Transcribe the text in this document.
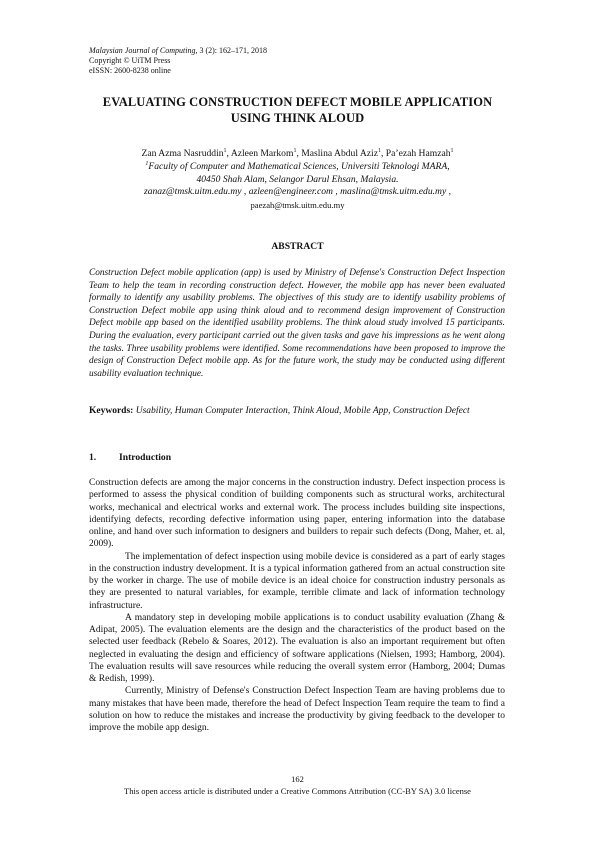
Malaysian Journal of Computing, 3 (2): 162–171, 2018
Copyright © UiTM Press
eISSN: 2600-8238 online
EVALUATING CONSTRUCTION DEFECT MOBILE APPLICATION USING THINK ALOUD
Zan Azma Nasruddin$^1$, Azleen Markom$^1$, Maslina Abdul Aziz$^1$, Pa’ezah Hamzah$^1$
$^1$Faculty of Computer and Mathematical Sciences, Universiti Teknologi MARA,
40450 Shah Alam, Selangor Darul Ehsan, Malaysia.
zanaz@tmsk.uitm.edu.my , azleen@engineer.com , maslina@tmsk.uitm.edu.my ,
paezah@tmsk.uitm.edu.my
ABSTRACT

Construction Defect mobile application (app) is used by Ministry of Defense's Construction Defect Inspection Team to help the team in recording construction defect. However, the mobile app has never been evaluated formally to identify any usability problems. The objectives of this study are to identify usability problems of Construction Defect mobile app using think aloud and to recommend design improvement of Construction Defect mobile app based on the identified usability problems. The think aloud study involved 15 participants. During the evaluation, every participant carried out the given tasks and gave his impressions as he went along the tasks. Three usability problems were identified. Some recommendations have been proposed to improve the design of Construction Defect mobile app. As for the future work, the study may be conducted using different usability evaluation technique.

Keywords: Usability, Human Computer Interaction, Think Aloud, Mobile App, Construction Defect

1. Introduction

Construction defects are among the major concerns in the construction industry. Defect inspection process is performed to assess the physical condition of building components such as structural works, architectural works, mechanical and electrical works and external work. The process includes building site inspections, identifying defects, recording defective information using paper, entering information into the database online, and hand over such information to designers and builders to repair such defects (Dong, Maher, et. al, 2009).

The implementation of defect inspection using mobile device is considered as a part of early stages in the construction industry development. It is a typical information gathered from an actual construction site by the worker in charge. The use of mobile device is an ideal choice for construction industry personals as they are presented to natural variables, for example, terrible climate and lack of information technology infrastructure.

A mandatory step in developing mobile applications is to conduct usability evaluation (Zhang & Adipat, 2005). The evaluation elements are the design and the characteristics of the product based on the selected user feedback (Rebelo & Soares, 2012). The evaluation is also an important requirement but often neglected in evaluating the design and efficiency of software applications (Nielsen, 1993; Hamborg, 2004). The evaluation results will save resources while reducing the overall system error (Hamborg, 2004; Dumas & Redish, 1999).

Currently, Ministry of Defense's Construction Defect Inspection Team are having problems due to many mistakes that have been made, therefore the head of Defect Inspection Team require the team to find a solution on how to reduce the mistakes and increase the productivity by giving feedback to the developer to improve the mobile app design.

162
This open access article is distributed under a Creative Commons Attribution (CC-BY SA) 3.0 license
